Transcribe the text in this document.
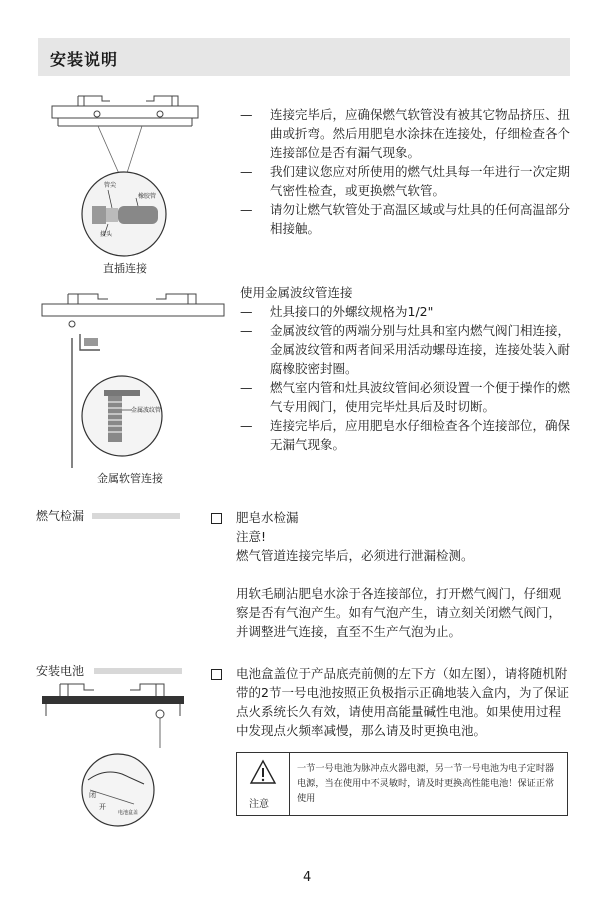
安装说明
管尖
橡胶管
接头
直插连接
— 连接完毕后，应确保燃气软管没有被其它物品挤压、扭曲或折弯。然后用肥皂水涂抹在连接处，仔细检查各个连接部位是否有漏气现象。
— 我们建议您应对所使用的燃气灶具每一年进行一次定期气密性检查，或更换燃气软管。
— 请勿让燃气软管处于高温区域或与灶具的任何高温部分相接触。
金属波纹管
金属软管连接
使用金属波纹管连接
— 灶具接口的外螺纹规格为1/2"
— 金属波纹管的两端分别与灶具和室内燃气阀门相连接，金属波纹管和两者间采用活动螺母连接，连接处装入耐腐橡胶密封圈。
— 燃气室内管和灶具波纹管间必须设置一个便于操作的燃气专用阀门，使用完毕灶具后及时切断。
— 连接完毕后，应用肥皂水仔细检查各个连接部位，确保无漏气现象。
燃气检漏	肥皂水检漏
注意!
燃气管道连接完毕后，必须进行泄漏检测。
用软毛刷沾肥皂水涂于各连接部位，打开燃气阀门，仔细观察是否有气泡产生。如有气泡产生，请立刻关闭燃气阀门，并调整进气连接，直至不生产气泡为止。
安装电池
闭
开
电池盒盖
电池盒盖位于产品底壳前侧的左下方（如左图），请将随机附带的2节一号电池按照正负极指示正确地装入盒内，为了保证点火系统长久有效，请使用高能量碱性电池。如果使用过程中发现点火频率减慢，那么请及时更换电池。
注意
一节一号电池为脉冲点火器电源，另一节一号电池为电子定时器电源，当在使用中不灵敏时，请及时更换高性能电池！保证正常使用
4
